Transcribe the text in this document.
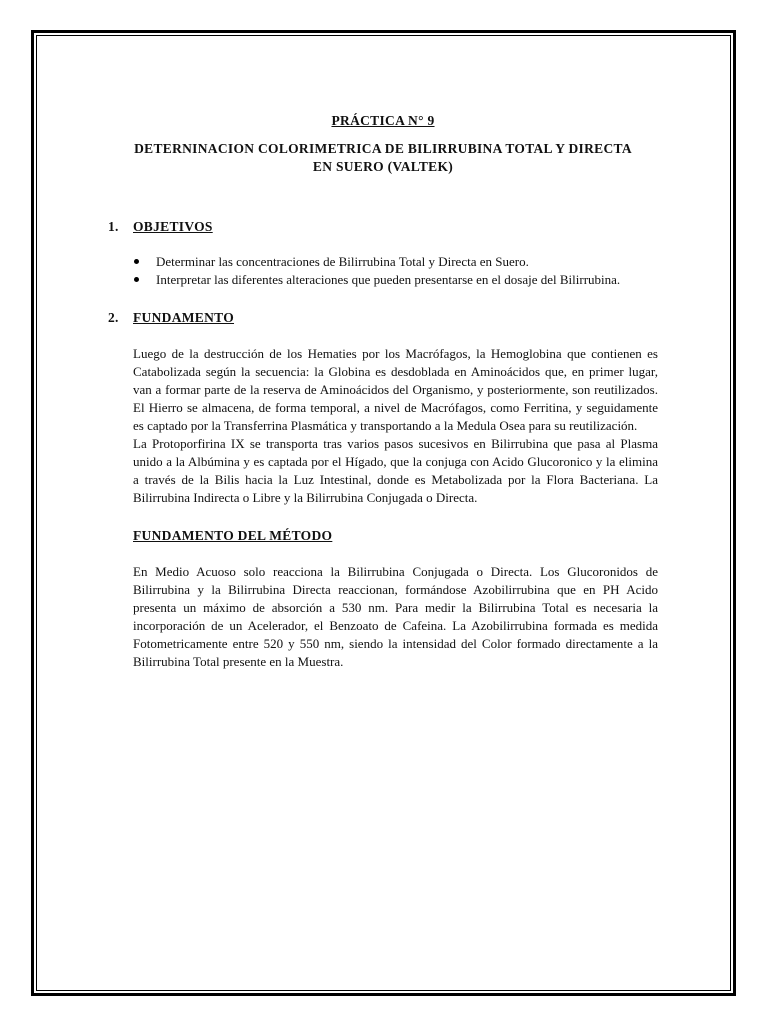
PRÁCTICA N° 9

DETERNINACION COLORIMETRICA DE BILIRRUBINA TOTAL Y DIRECTA EN SUERO (VALTEK)

1.	OBJETIVOS
Determinar las concentraciones de Bilirrubina Total y Directa en Suero.
Interpretar las diferentes alteraciones que pueden presentarse en el dosaje del Bilirrubina.
2.	FUNDAMENTO

Luego de la destrucción de los Hematies por los Macrófagos, la Hemoglobina que contienen es Catabolizada según la secuencia: la Globina es desdoblada en Aminoácidos que, en primer lugar, van a formar parte de la reserva de Aminoácidos del Organismo, y posteriormente, son reutilizados. El Hierro se almacena, de forma temporal, a nivel de Macrófagos, como Ferritina, y seguidamente es captado por la Transferrina Plasmática y transportando a la Medula Osea para su reutilización.

La Protoporfirina IX se transporta tras varios pasos sucesivos en Bilirrubina que pasa al Plasma unido a la Albúmina y es captada por el Hígado, que la conjuga con Acido Glucoronico y la elimina a través de la Bilis hacia la Luz Intestinal, donde es Metabolizada por la Flora Bacteriana. La Bilirrubina Indirecta o Libre y la Bilirrubina Conjugada o Directa.

FUNDAMENTO DEL MÉTODO

En Medio Acuoso solo reacciona la Bilirrubina Conjugada o Directa. Los Glucoronidos de Bilirrubina y la Bilirrubina Directa reaccionan, formándose Azobilirrubina que en PH Acido presenta un máximo de absorción a 530 nm. Para medir la Bilirrubina Total es necesaria la incorporación de un Acelerador, el Benzoato de Cafeina. La Azobilirrubina formada es medida Fotometricamente entre 520 y 550 nm, siendo la intensidad del Color formado directamente a la Bilirrubina Total presente en la Muestra.
